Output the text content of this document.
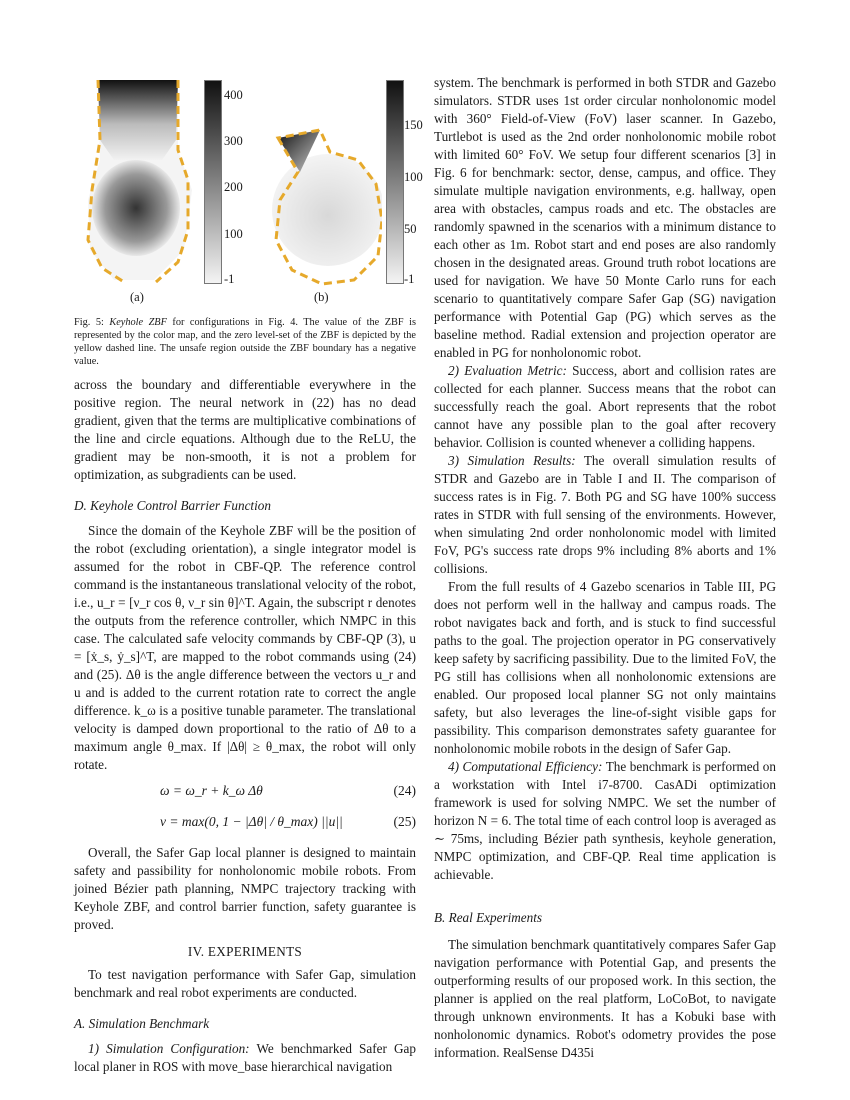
400
300
200
100
-1
(a)
150
100
50
-1
(b)
Fig. 5: Keyhole ZBF for configurations in Fig. 4. The value of the ZBF is represented by the color map, and the zero level-set of the ZBF is depicted by the yellow dashed line. The unsafe region outside the ZBF boundary has a negative value.

across the boundary and differentiable everywhere in the positive region. The neural network in (22) has no dead gradient, given that the terms are multiplicative combinations of the line and circle equations. Although due to the ReLU, the gradient may be non-smooth, it is not a problem for optimization, as subgradients can be used.

D. Keyhole Control Barrier Function

Since the domain of the Keyhole ZBF will be the position of the robot (excluding orientation), a single integrator model is assumed for the robot in CBF-QP. The reference control command is the instantaneous translational velocity of the robot, i.e., u_r = [ν_r cos θ, ν_r sin θ]^T. Again, the subscript r denotes the outputs from the reference controller, which NMPC in this case. The calculated safe velocity commands by CBF-QP (3), u = [ẋ_s, ẏ_s]^T, are mapped to the robot commands using (24) and (25). Δθ is the angle difference between the vectors u_r and u and is added to the current rotation rate to correct the angle difference. k_ω is a positive tunable parameter. The translational velocity is damped down proportional to the ratio of Δθ to a maximum angle θ_max. If |Δθ| ≥ θ_max, the robot will only rotate.

ω = ω_r + k_ω Δθ	(24)
ν = max(0, 1 − |Δθ| / θ_max) ||u||	(25)

Overall, the Safer Gap local planner is designed to maintain safety and passibility for nonholonomic mobile robots. From joined Bézier path planning, NMPC trajectory tracking with Keyhole ZBF, and control barrier function, safety guarantee is proved.

IV. EXPERIMENTS

To test navigation performance with Safer Gap, simulation benchmark and real robot experiments are conducted.

A. Simulation Benchmark

1) Simulation Configuration: We benchmarked Safer Gap local planer in ROS with move_base hierarchical navigation

system. The benchmark is performed in both STDR and Gazebo simulators. STDR uses 1st order circular nonholonomic model with 360° Field-of-View (FoV) laser scanner. In Gazebo, Turtlebot is used as the 2nd order nonholonomic mobile robot with limited 60° FoV. We setup four different scenarios [3] in Fig. 6 for benchmark: sector, dense, campus, and office. They simulate multiple navigation environments, e.g. hallway, open area with obstacles, campus roads and etc. The obstacles are randomly spawned in the scenarios with a minimum distance to each other as 1m. Robot start and end poses are also randomly chosen in the designated areas. Ground truth robot locations are used for navigation. We have 50 Monte Carlo runs for each scenario to quantitatively compare Safer Gap (SG) navigation performance with Potential Gap (PG) which serves as the baseline method. Radial extension and projection operator are enabled in PG for nonholonomic robot.

2) Evaluation Metric: Success, abort and collision rates are collected for each planner. Success means that the robot can successfully reach the goal. Abort represents that the robot cannot have any possible plan to the goal after recovery behavior. Collision is counted whenever a colliding happens.

3) Simulation Results: The overall simulation results of STDR and Gazebo are in Table I and II. The comparison of success rates is in Fig. 7. Both PG and SG have 100% success rates in STDR with full sensing of the environments. However, when simulating 2nd order nonholonomic model with limited FoV, PG's success rate drops 9% including 8% aborts and 1% collisions.

From the full results of 4 Gazebo scenarios in Table III, PG does not perform well in the hallway and campus roads. The robot navigates back and forth, and is stuck to find successful paths to the goal. The projection operator in PG conservatively keep safety by sacrificing passibility. Due to the limited FoV, the PG still has collisions when all nonholonomic extensions are enabled. Our proposed local planner SG not only maintains safety, but also leverages the line-of-sight visible gaps for passibility. This comparison demonstrates safety guarantee for nonholonomic mobile robots in the design of Safer Gap.

4) Computational Efficiency: The benchmark is performed on a workstation with Intel i7-8700. CasADi optimization framework is used for solving NMPC. We set the number of horizon N = 6. The total time of each control loop is averaged as ∼ 75ms, including Bézier path synthesis, keyhole generation, NMPC optimization, and CBF-QP. Real time application is achievable.

B. Real Experiments

The simulation benchmark quantitatively compares Safer Gap navigation performance with Potential Gap, and presents the outperforming results of our proposed work. In this section, the planner is applied on the real platform, LoCoBot, to navigate through unknown environments. It has a Kobuki base with nonholonomic dynamics. Robot's odometry provides the pose information. RealSense D435i
